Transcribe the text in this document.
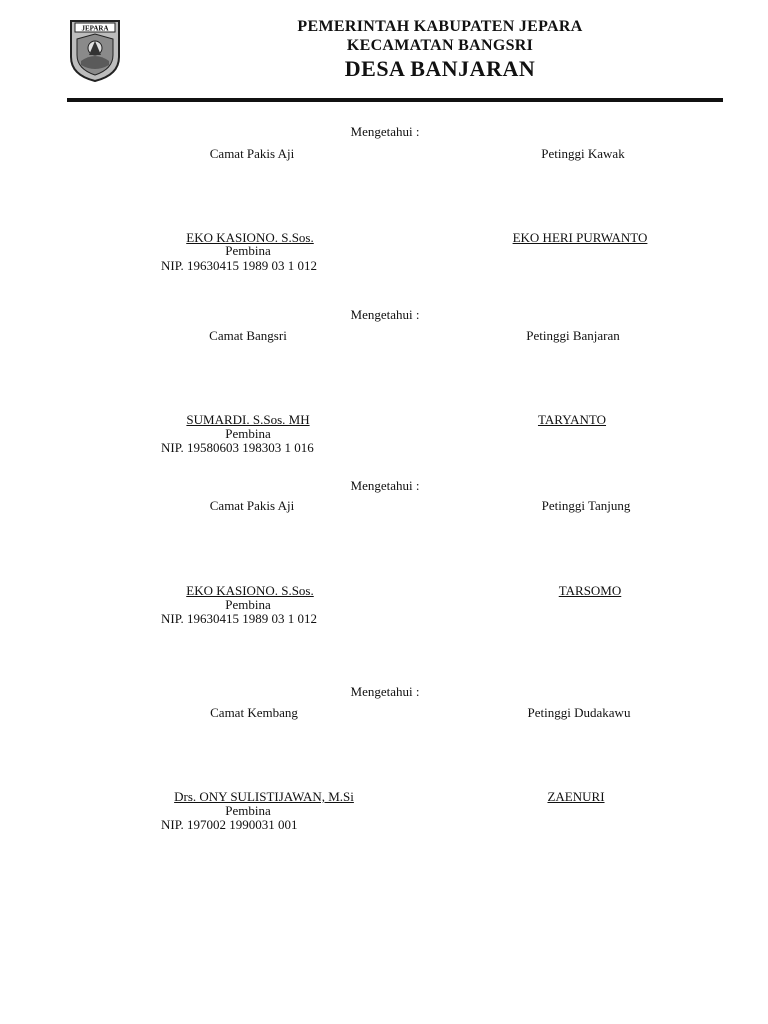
JEPARA	PEMERINTAH KABUPATEN JEPARA
KECAMATAN BANGSRI
DESA BANJARAN
Mengetahui :
Camat Pakis Aji	Petinggi Kawak
EKO KASIONO. S.Sos.
Pembina
NIP. 19630415 1989 03 1 012
EKO HERI PURWANTO
Mengetahui :
Camat Bangsri	Petinggi Banjaran
SUMARDI. S.Sos. MH
Pembina
NIP. 19580603 198303 1 016
TARYANTO
Mengetahui :
Camat Pakis Aji	Petinggi Tanjung
EKO KASIONO. S.Sos.
Pembina
NIP. 19630415 1989 03 1 012
TARSOMO
Mengetahui :
Camat Kembang	Petinggi Dudakawu
Drs. ONY SULISTIJAWAN, M.Si
Pembina
NIP. 197002 1990031 001
ZAENURI
